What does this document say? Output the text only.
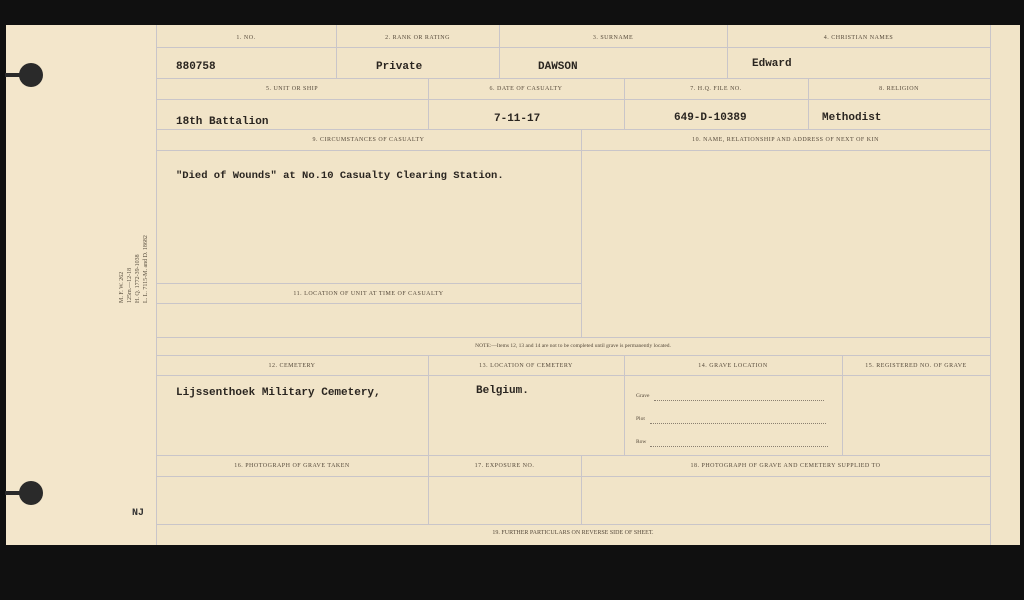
M. F. W. 262 125m.—12-18 H. Q. 1772-39-1038 L. L. 7115-M. and D. 18682
NJ
1. NO.	2. RANK OR RATING	3. SURNAME	4. CHRISTIAN NAMES
880758	Private	DAWSON	Edward
5. UNIT OR SHIP	6. DATE OF CASUALTY	7. H.Q. FILE NO.	8. RELIGION
18th Battalion	7-11-17	649-D-10389	Methodist
9. CIRCUMSTANCES OF CASUALTY	10. NAME, RELATIONSHIP AND ADDRESS OF NEXT OF KIN
"Died of Wounds" at No.10 Casualty Clearing Station.
11. LOCATION OF UNIT AT TIME OF CASUALTY
NOTE:—Items 12, 13 and 14 are not to be completed until grave is permanently located.
12. CEMETERY	13. LOCATION OF CEMETERY	14. GRAVE LOCATION	15. REGISTERED NO. OF GRAVE
Lijssenthoek Military Cemetery,	Belgium.	Grave
Plot
Row
16. PHOTOGRAPH OF GRAVE TAKEN	17. EXPOSURE NO.	18. PHOTOGRAPH OF GRAVE AND CEMETERY SUPPLIED TO
19. FURTHER PARTICULARS ON REVERSE SIDE OF SHEET.
